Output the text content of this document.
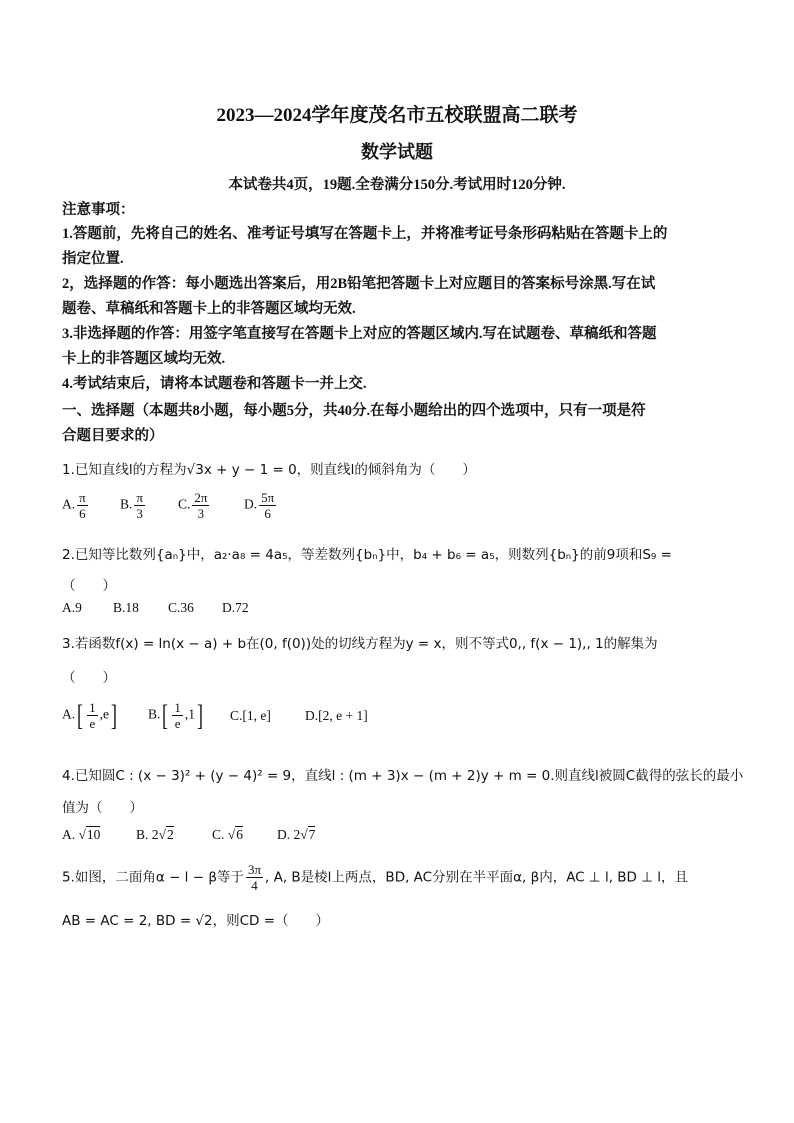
2023—2024学年度茂名市五校联盟高二联考
数学试题
本试卷共4页，19题.全卷满分150分.考试用时120分钟.
注意事项：
1.答题前，先将自己的姓名、准考证号填写在答题卡上，并将准考证号条形码粘贴在答题卡上的
指定位置.
2，选择题的作答：每小题选出答案后，用2B铅笔把答题卡上对应题目的答案标号涂黑.写在试
题卷、草稿纸和答题卡上的非答题区域均无效.
3.非选择题的作答：用签字笔直接写在答题卡上对应的答题区域内.写在试题卷、草稿纸和答题
卡上的非答题区域均无效.
4.考试结束后，请将本试题卷和答题卡一并上交.
一、选择题（本题共8小题，每小题5分，共40分.在每小题给出的四个选项中，只有一项是符
合题目要求的）
1.已知直线l的方程为√3x + y − 1 = 0，则直线l的倾斜角为（　　）
A. $\frac{\pi}{6} B$. $\frac{\pi}{3} C$. $\frac{2\pi}{3}$	D. $\frac{5\pi}{6}$
2.已知等比数列{aₙ}中，a₂·a₈ = 4a₅，等差数列{bₙ}中，b₄ + b₆ = a₅，则数列{bₙ}的前9项和S₉ =
（　　）
A.9 B.18 C.36 D.72
3.若函数f(x) = ln(x − a) + b在(0, f(0))处的切线方程为y = x，则不等式0,, f(x − 1),, 1的解集为
（　　）
$A.[ \frac{1}{e} ,e]$ $B.[ \frac{1}{e} ,1]$ C.[1, e]	D.[2, e + 1]
4.已知圆C : (x − 3)² + (y − 4)² = 9，直线l : (m + 3)x − (m + 2)y + m = 0.则直线l被圆C截得的弦长的最小
值为（　　）
A. √10	B. 2√2	C. √6	D. 2√7
5.如图，二面角α − l − β等于 $\frac{3\pi}{4}$ , A, B是棱l上两点，BD, AC分别在半平面α, β内，AC ⊥ l, BD ⊥ l，且
AB = AC = 2, BD = √2，则CD =（　　）
